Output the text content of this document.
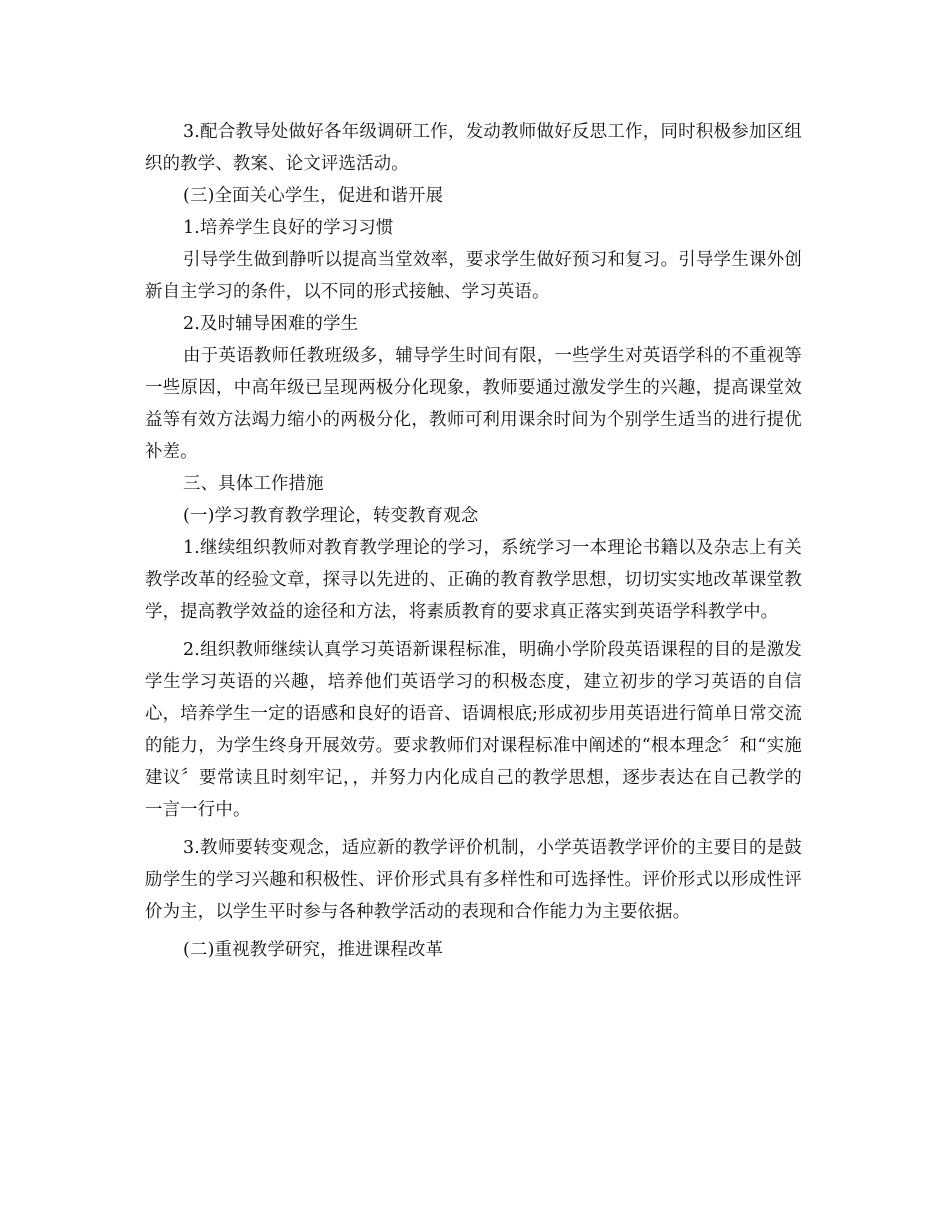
3.配合教导处做好各年级调研工作，发动教师做好反思工作，同时积极参加区组织的教学、教案、论文评选活动。

(三)全面关心学生，促进和谐开展

1.培养学生良好的学习习惯

引导学生做到静听以提高当堂效率，要求学生做好预习和复习。引导学生课外创新自主学习的条件，以不同的形式接触、学习英语。

2.及时辅导困难的学生

由于英语教师任教班级多，辅导学生时间有限，一些学生对英语学科的不重视等一些原因，中高年级已呈现两极分化现象，教师要通过激发学生的兴趣，提高课堂效益等有效方法竭力缩小的两极分化，教师可利用课余时间为个别学生适当的进行提优补差。

三、具体工作措施

(一)学习教育教学理论，转变教育观念

1.继续组织教师对教育教学理论的学习，系统学习一本理论书籍以及杂志上有关教学改革的经验文章，探寻以先进的、正确的教育教学思想，切切实实地改革课堂教学，提高教学效益的途径和方法，将素质教育的要求真正落实到英语学科教学中。

2.组织教师继续认真学习英语新课程标准，明确小学阶段英语课程的目的是激发学生学习英语的兴趣，培养他们英语学习的积极态度，建立初步的学习英语的自信心，培养学生一定的语感和良好的语音、语调根底;形成初步用英语进行简单日常交流的能力，为学生终身开展效劳。要求教师们对课程标准中阐述的“根本理念〞和“实施建议〞要常读且时刻牢记，，并努力内化成自己的教学思想，逐步表达在自己教学的一言一行中。

3.教师要转变观念，适应新的教学评价机制，小学英语教学评价的主要目的是鼓励学生的学习兴趣和积极性、评价形式具有多样性和可选择性。评价形式以形成性评价为主，以学生平时参与各种教学活动的表现和合作能力为主要依据。

(二)重视教学研究，推进课程改革
